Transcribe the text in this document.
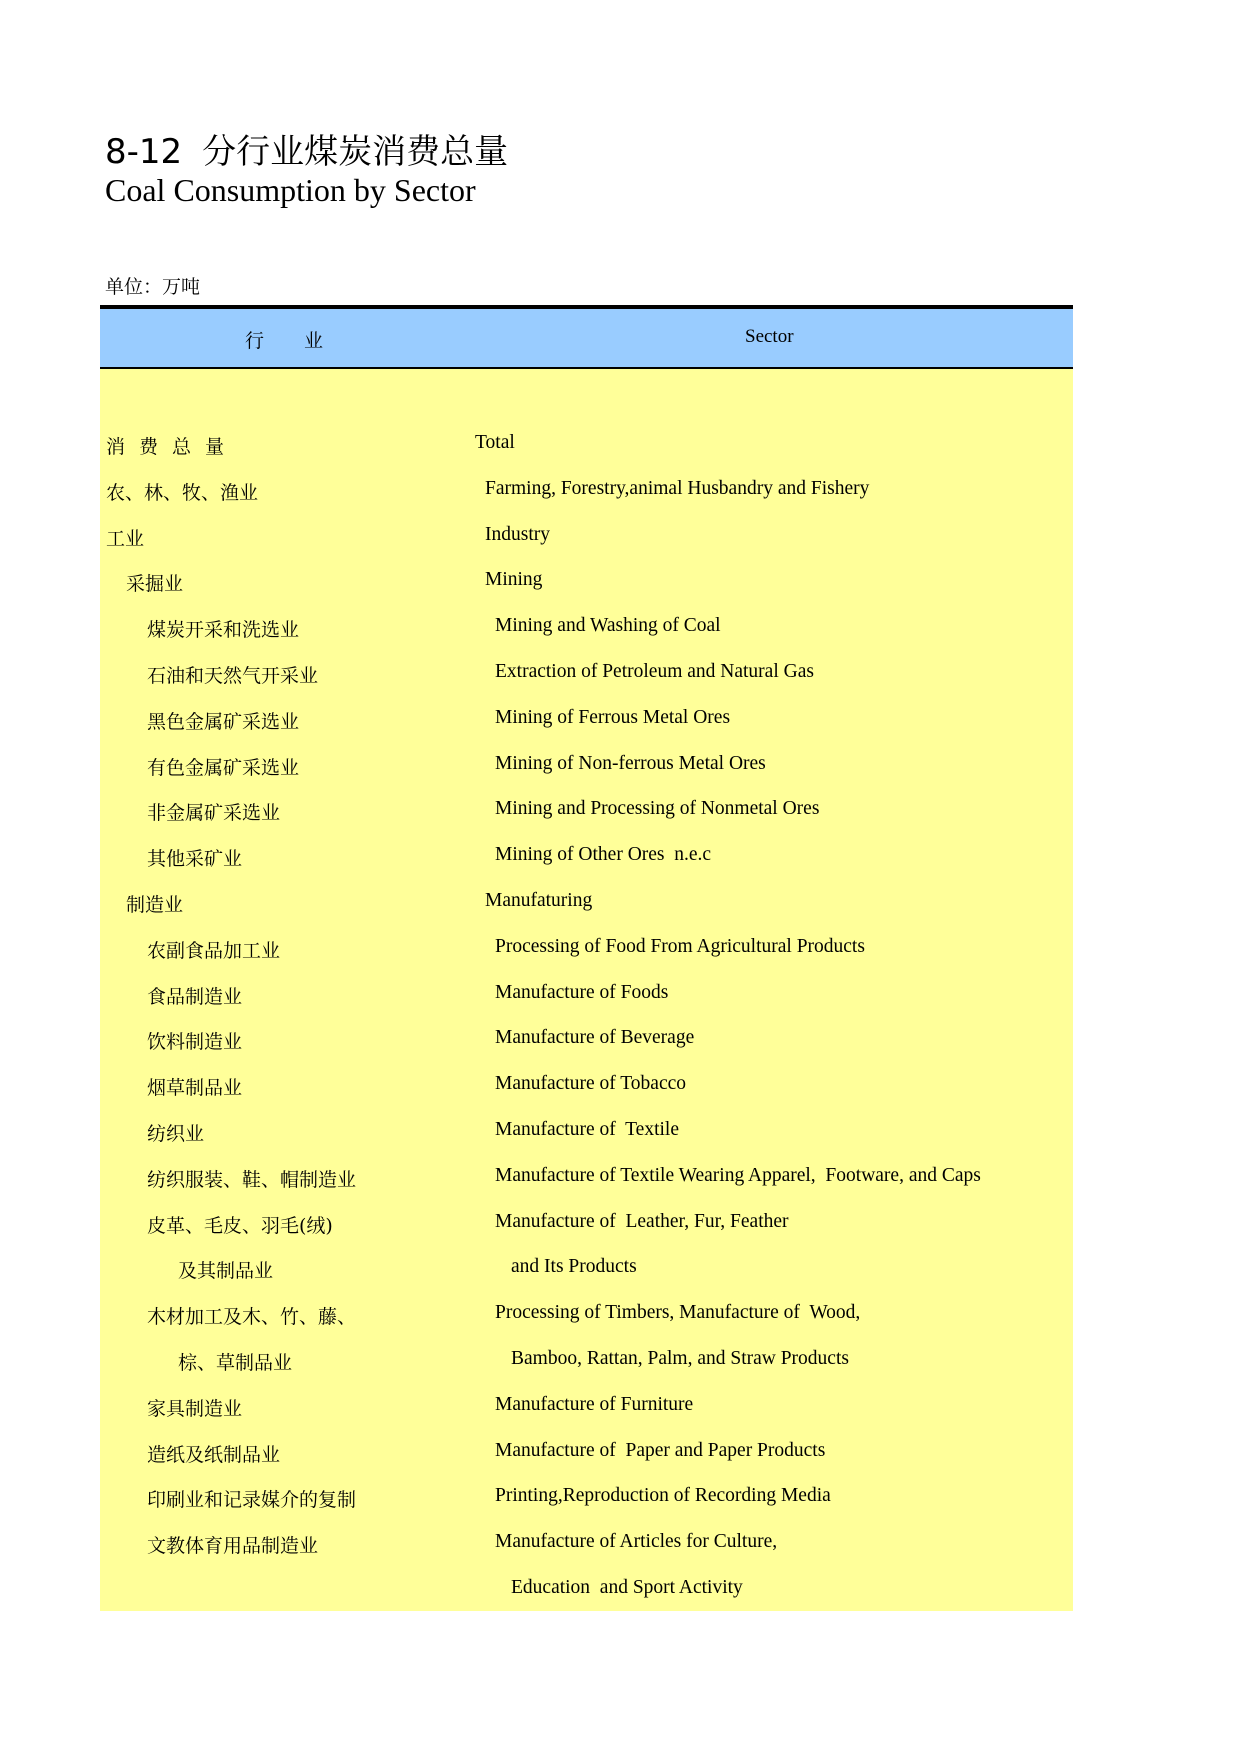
8-12 分行业煤炭消费总量
Coal Consumption by Sector
单位：万吨
行业	Sector
消费总量	Total
农、林、牧、渔业	Farming, Forestry,animal Husbandry and Fishery
工业	Industry
采掘业	Mining
煤炭开采和洗选业	Mining and Washing of Coal
石油和天然气开采业	Extraction of Petroleum and Natural Gas
黑色金属矿采选业	Mining of Ferrous Metal Ores
有色金属矿采选业	Mining of Non-ferrous Metal Ores
非金属矿采选业	Mining and Processing of Nonmetal Ores
其他采矿业	Mining of Other Ores  n.e.c
制造业	Manufaturing
农副食品加工业	Processing of Food From Agricultural Products
食品制造业	Manufacture of Foods
饮料制造业	Manufacture of Beverage
烟草制品业	Manufacture of Tobacco
纺织业	Manufacture of  Textile
纺织服装、鞋、帽制造业	Manufacture of Textile Wearing Apparel,  Footware, and Caps
皮革、毛皮、羽毛(绒)	Manufacture of  Leather, Fur, Feather
及其制品业	and Its Products
木材加工及木、竹、藤、	Processing of Timbers, Manufacture of  Wood,
棕、草制品业	Bamboo, Rattan, Palm, and Straw Products
家具制造业	Manufacture of Furniture
造纸及纸制品业	Manufacture of  Paper and Paper Products
印刷业和记录媒介的复制	Printing,Reproduction of Recording Media
文教体育用品制造业	Manufacture of Articles for Culture,
Education  and Sport Activity
